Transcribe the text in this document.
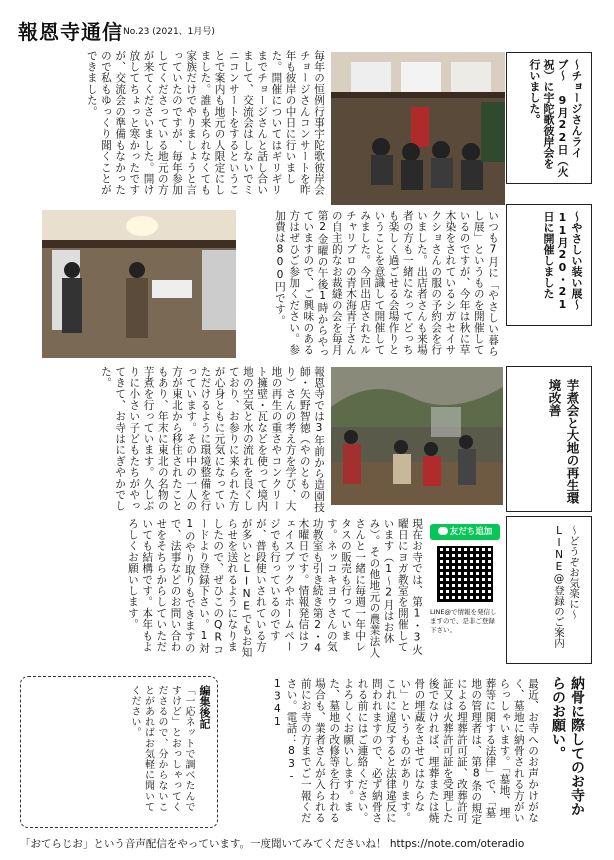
報恩寺通信 No.23 (2021、1月号)
〜チョージさんライブ〜 9月22日（火祝）に宇陀歌彼岸会を行いました。
毎年の恒例行事宇陀歌彼岸会チョージさんコンサートを昨年も彼岸の中日に行いました。開催についてはギリギリまでチョージさんと話し合いまして、交流会はしないでミニコンサートをするということで案内も地元の人限定にしました。誰も来られなくても家族だけでやりましょうと言っていたのですが、毎年参加してくださっている地元の方が来てくださいました。開け放してちょっと寒かったですが、交流会の準備もなかったので私もゆっくり聞くことができました。
〜やさしい装い展〜 11月20・21日に開催しました
いつも7月に「やさしい暮らし展」というものを開催しているのですが、今年は秋に草木染をされているシガセイサクショさんの服の予約会を行いました。出店者さんも来場者の方も一緒になってどっちも楽しく過ごせる会場作りということを意識して開催してみました。今回出店されたルチャリブロの青木海青子さんの自主的なお裁縫の会を毎月第2金曜の午後1時からやっていますので、ご興味のある方はぜひご参加ください。参加費は800円です。
芋煮会と大地の再生環境改善
報恩寺では3年前から造園技師・矢野智徳（やのとものり）さんの考え方を学び、大地の再生の重さやコンクリート擁壁・瓦などを使って境内地の空気と水の流れを良くしており、お参りに来られた方が心身ともに元気になっていただけるように環境整備を行っています。その中の一人の方が東北から移住されたこともあり、年末に東北の名物の芋煮を行っています。久しぶりに小さい子どもたちがやってきて、お寺はにぎやかでした。
〜どうぞお気楽に〜 LINE@登録のご案内
友だち追加
LINE@で情報を発信しますので、是非ご登録下さい。
現在お寺では、第1・3火曜日にヨガ教室を開催しています（1〜2月はお休み）。その他地元の農業法人さんと一緒に毎週一年中レタスの販売も行っています。ネッコキヨウさんの気功教室も引き続き第2・4木曜日です。情報発信はフェイスブックやホームページでも行っているのですが、普段使いされている方が多いとLINEでもお知らせを送れるようになりましたので、ぜひこのQRコードより登録下さい。1対1のやり取りもできますので、法事などのお問い合わせをそちらからしていただいても結構です。本年もよろしくお願いします。
納骨に際してのお寺からのお願い。
最近、お寺へのお声かけがなく、墓地に納骨される方がいらっしゃいます。「墓地、埋葬等に関する法律」で、「墓地の管理者は、第8条の規定による埋葬許可証、改葬許可証又は火葬許可証を受理した後でなければ、埋葬または焼骨の埋蔵をさせてはならない」というものがあります。これに違反すると法律違反に問われますので、必ず納骨される前にはご連絡ください。よろしくお願いします。また、墓地の改修等を行われる場合も、業者さんが入られる前にお寺の方までご一報ください。電話：83-1341
編集後記
「一応ネットで調べたんですけど」とおっしゃってくださるので、分からないことがあればお気軽に聞いてください。
「おてらじお」という音声配信をやっています。一度聞いてみてくださいね！ https://note.com/oteradio
